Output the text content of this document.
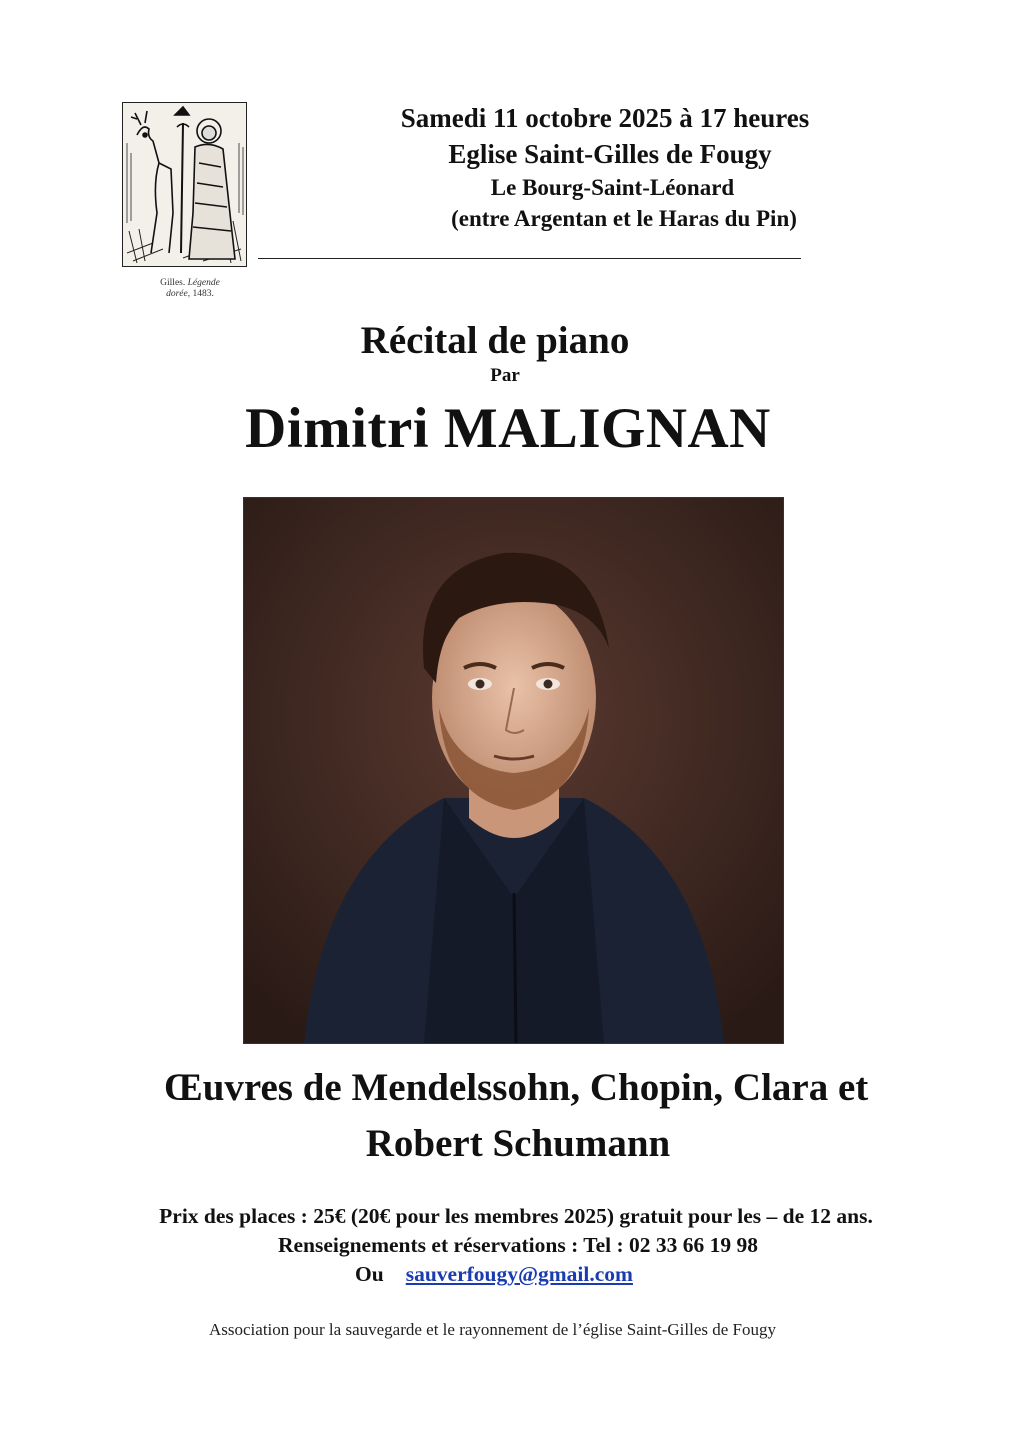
Gilles. Légende
dorée, 1483.
Samedi 11 octobre 2025 à 17 heures
Eglise Saint-Gilles de Fougy
Le Bourg-Saint-Léonard
(entre Argentan et le Haras du Pin)
Récital de piano
Par
Dimitri MALIGNAN
Œuvres de Mendelssohn, Chopin, Clara et
Robert Schumann
Prix des places : 25€ (20€ pour les membres 2025) gratuit pour les – de 12 ans.
Renseignements et réservations : Tel : 02 33 66 19 98
Ou sauverfougy@gmail.com
Association pour la sauvegarde et le rayonnement de l’église Saint-Gilles de Fougy
